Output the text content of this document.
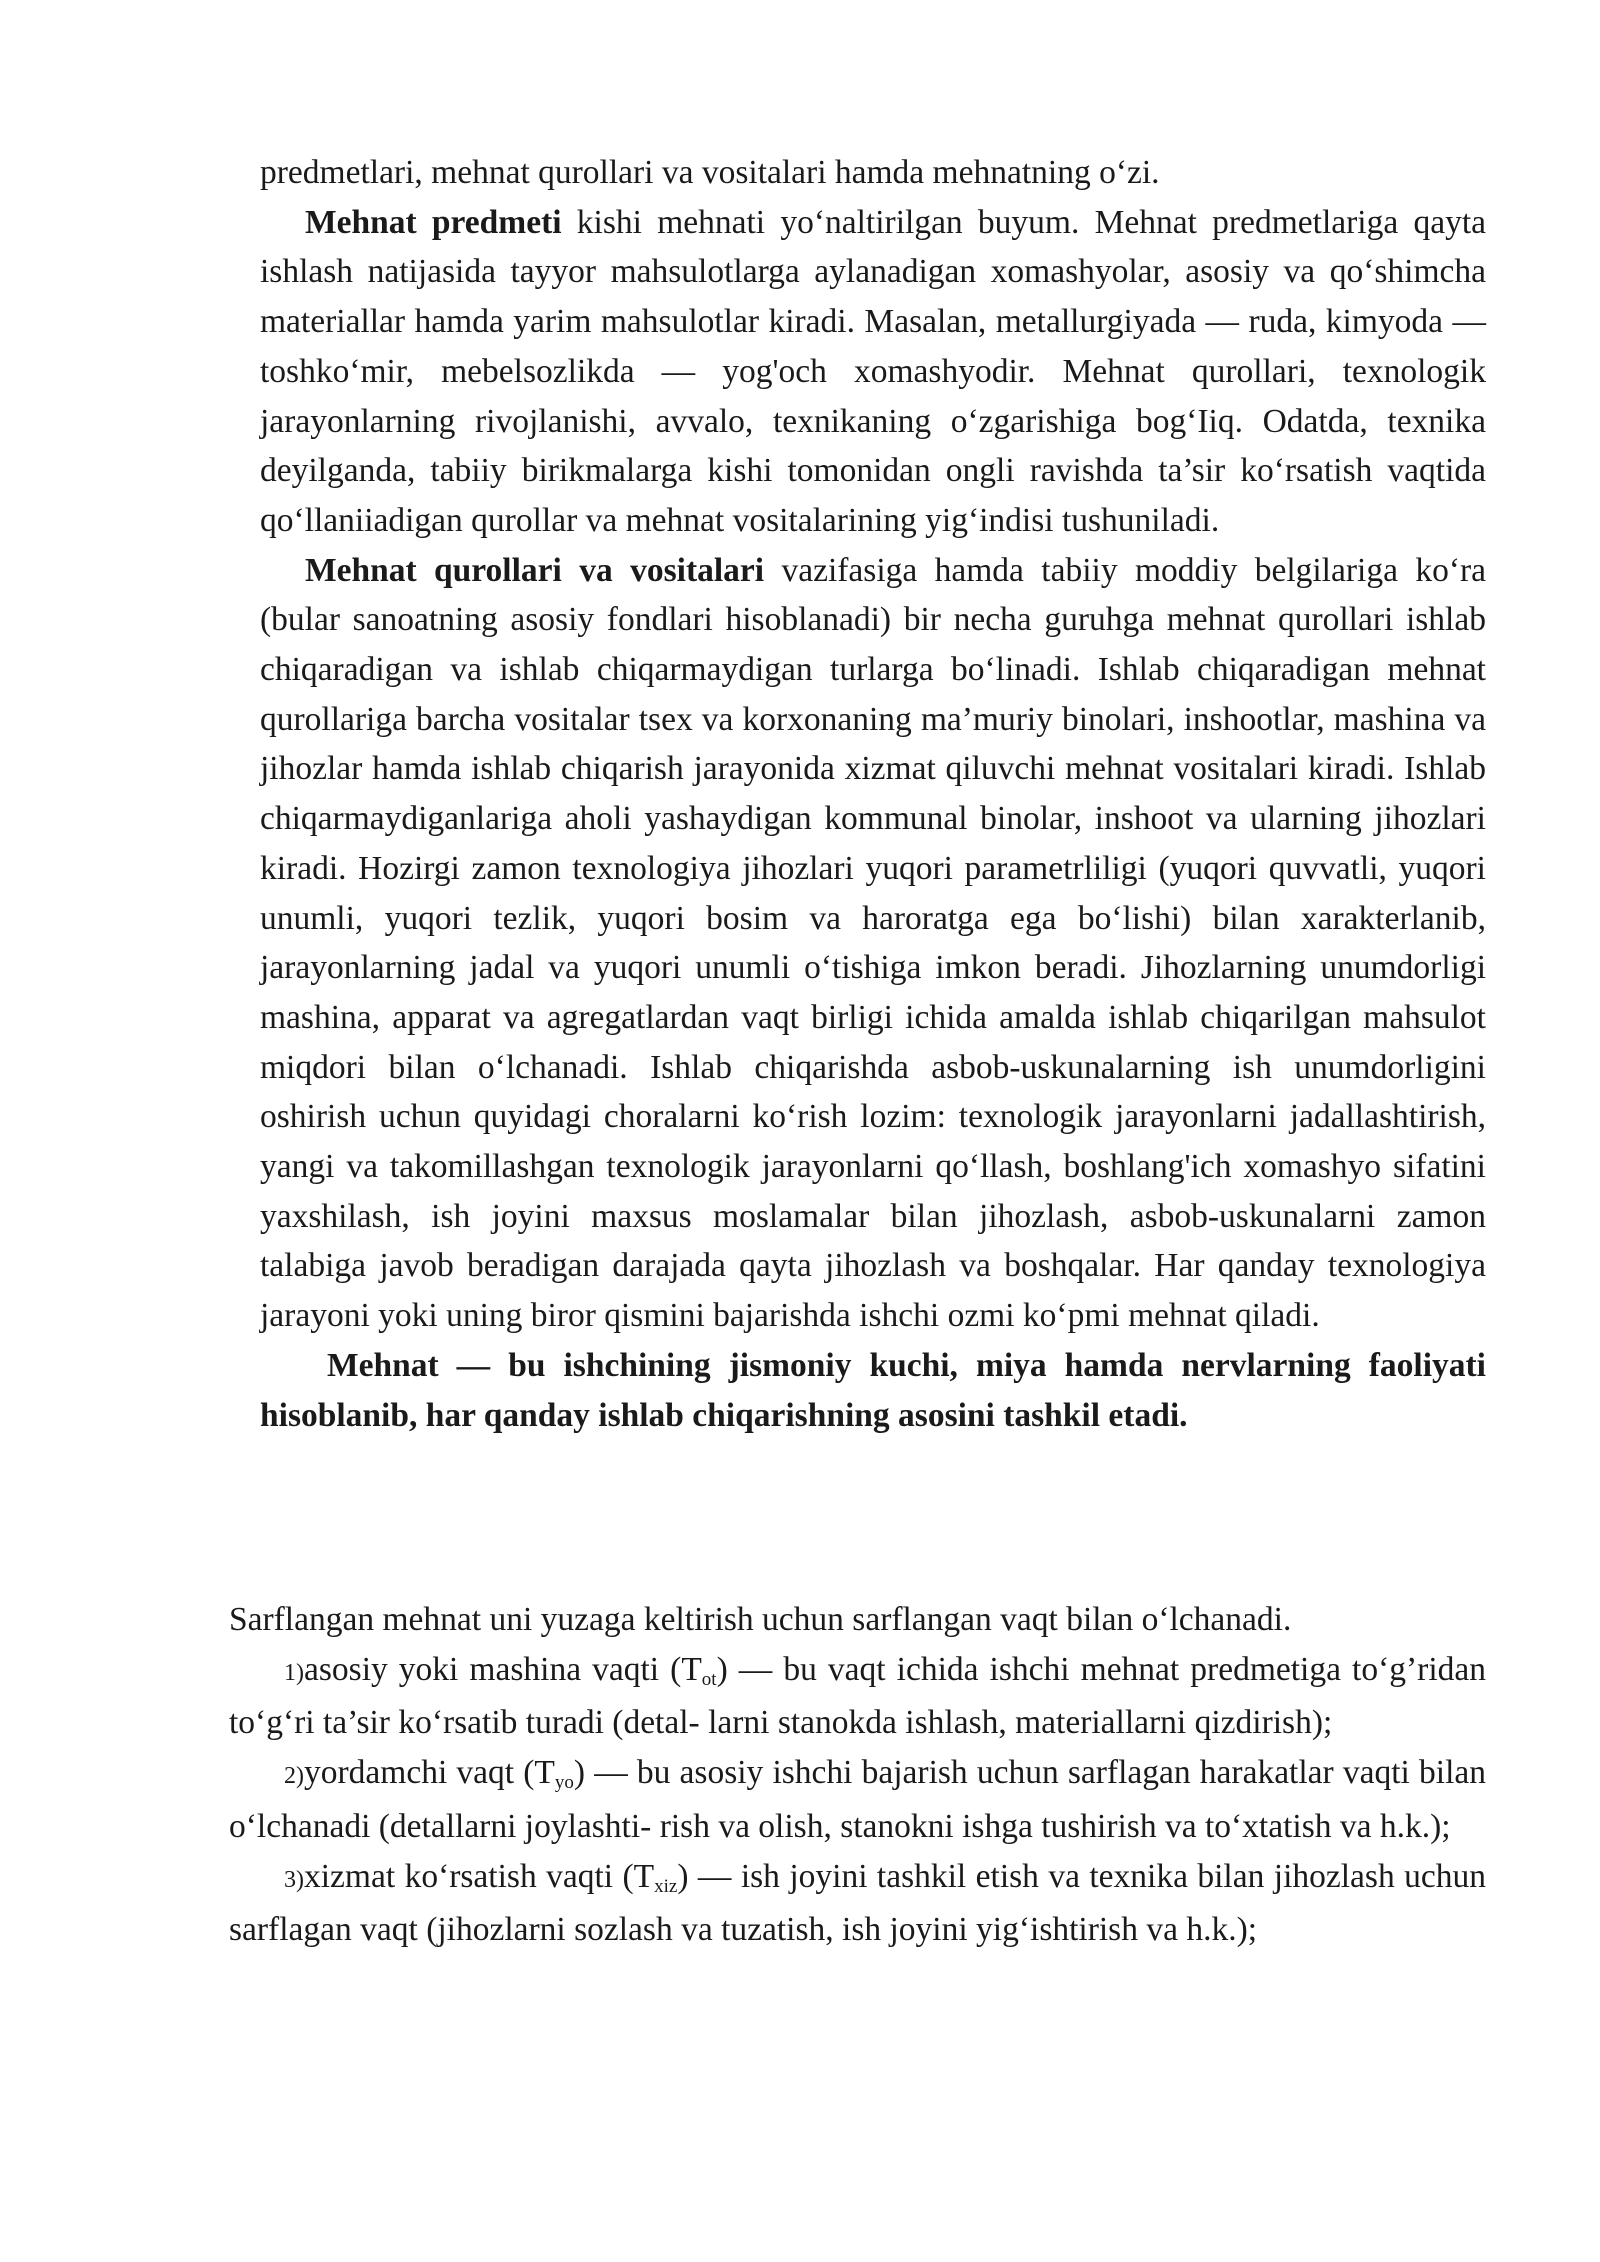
predmetlari, mehnat qurollari va vositalari hamda mehnatning o‘zi.

Mehnat predmeti kishi mehnati yo‘naltirilgan buyum. Mehnat predmetlariga qayta ishlash natijasida tayyor mahsulotlarga aylanadigan xomashyolar, asosiy va qo‘shimcha materiallar hamda yarim mahsulotlar kiradi. Masalan, metallurgiyada — ruda, kimyoda — toshko‘mir, mebelsozlikda — yog'och xomashyodir. Mehnat qurollari, texnologik jarayonlarning rivojlanishi, avvalo, texnikaning o‘zgarishiga bog‘Iiq. Odatda, texnika deyilganda, tabiiy birikmalarga kishi tomonidan ongli ravishda ta’sir ko‘rsatish vaqtida qo‘llaniiadigan qurollar va mehnat vositalarining yig‘indisi tushuniladi.

Mehnat qurollari va vositalari vazifasiga hamda tabiiy moddiy belgilariga ko‘ra (bular sanoatning asosiy fondlari hisoblanadi) bir necha guruhga mehnat qurollari ishlab chiqaradigan va ishlab chiqarmaydigan turlarga bo‘linadi. Ishlab chiqaradigan mehnat qurollariga barcha vositalar tsex va korxonaning ma’muriy binolari, inshootlar, mashina va jihozlar hamda ishlab chiqarish jarayonida xizmat qiluvchi mehnat vositalari kiradi. Ishlab chiqarmaydiganlariga aholi yashaydigan kommunal binolar, inshoot va ularning jihozlari kiradi. Hozirgi zamon texnologiya jihozlari yuqori parametrliligi (yuqori quvvatli, yuqori unumli, yuqori tezlik, yuqori bosim va haroratga ega bo‘lishi) bilan xarakterlanib, jarayonlarning jadal va yuqori unumli o‘tishiga imkon beradi. Jihozlarning unumdorligi mashina, apparat va agregatlardan vaqt birligi ichida amalda ishlab chiqarilgan mahsulot miqdori bilan o‘lchanadi. Ishlab chiqarishda asbob-uskunalarning ish unumdorligini oshirish uchun quyidagi choralarni ko‘rish lozim: texnologik jarayonlarni jadallashtirish, yangi va takomillashgan texnologik jarayonlarni qo‘llash, boshlang'ich xomashyo sifatini yaxshilash, ish joyini maxsus moslamalar bilan jihozlash, asbob-uskunalarni zamon talabiga javob beradigan darajada qayta jihozlash va boshqalar. Har qanday texnologiya jarayoni yoki uning biror qismini bajarishda ishchi ozmi ko‘pmi mehnat qiladi.

Mehnat — bu ishchining jismoniy kuchi, miya hamda nervlarning faoliyati hisoblanib, har qanday ishlab chiqarishning asosini tashkil etadi.

Sarflangan mehnat uni yuzaga keltirish uchun sarflangan vaqt bilan o‘lchanadi.

1)asosiy yoki mashina vaqti $(T_{ot})$ — bu vaqt ichida ishchi mehnat predmetiga to‘g’ridan to‘g‘ri ta’sir ko‘rsatib turadi (detal- larni stanokda ishlash, materiallarni qizdirish);

2)yordamchi vaqt $(T_{yo})$ — bu asosiy ishchi bajarish uchun sarflagan harakatlar vaqti bilan o‘lchanadi (detallarni joylashti- rish va olish, stanokni ishga tushirish va to‘xtatish va h.k.);

3)xizmat ko‘rsatish vaqti $(T_{xiz})$ — ish joyini tashkil etish va texnika bilan jihozlash uchun sarflagan vaqt (jihozlarni sozlash va tuzatish, ish joyini yig‘ishtirish va h.k.);
